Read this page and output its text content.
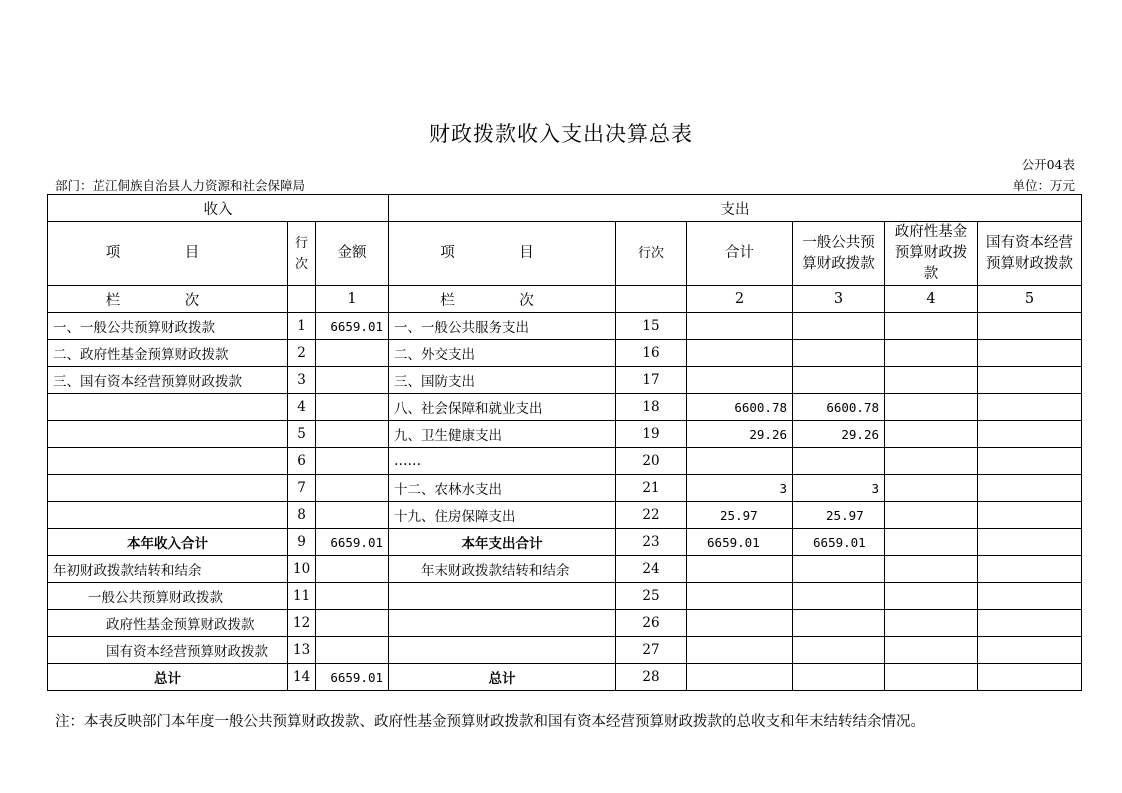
财政拨款收入支出决算总表
公开04表
部门：芷江侗族自治县人力资源和社会保障局	单位：万元
收入			支出					
项 目	行次	金额	项 目	行次	合计	一般公共预算财政拨款	政府性基金预算财政拨款	国有资本经营预算财政拨款
栏 次		1	栏 次		2	3	4	5
一、一般公共预算财政拨款	1	6659.01	一、一般公共服务支出	15				
二、政府性基金预算财政拨款	2		二、外交支出	16				
三、国有资本经营预算财政拨款	3		三、国防支出	17				
	4		八、社会保障和就业支出	18	6600.78	6600.78		
	5		九、卫生健康支出	19	29.26	29.26		
	6		……	20				
	7		十二、农林水支出	21	3	3		
	8		十九、住房保障支出	22	25.97	25.97		
本年收入合计	9	6659.01	本年支出合计	23	6659.01	6659.01		
年初财政拨款结转和结余	10		年末财政拨款结转和结余	24				
一般公共预算财政拨款	11			25				
政府性基金预算财政拨款	12			26				
国有资本经营预算财政拨款	13			27				
总计	14	6659.01	总计	28				
注：本表反映部门本年度一般公共预算财政拨款、政府性基金预算财政拨款和国有资本经营预算财政拨款的总收支和年末结转结余情况。
